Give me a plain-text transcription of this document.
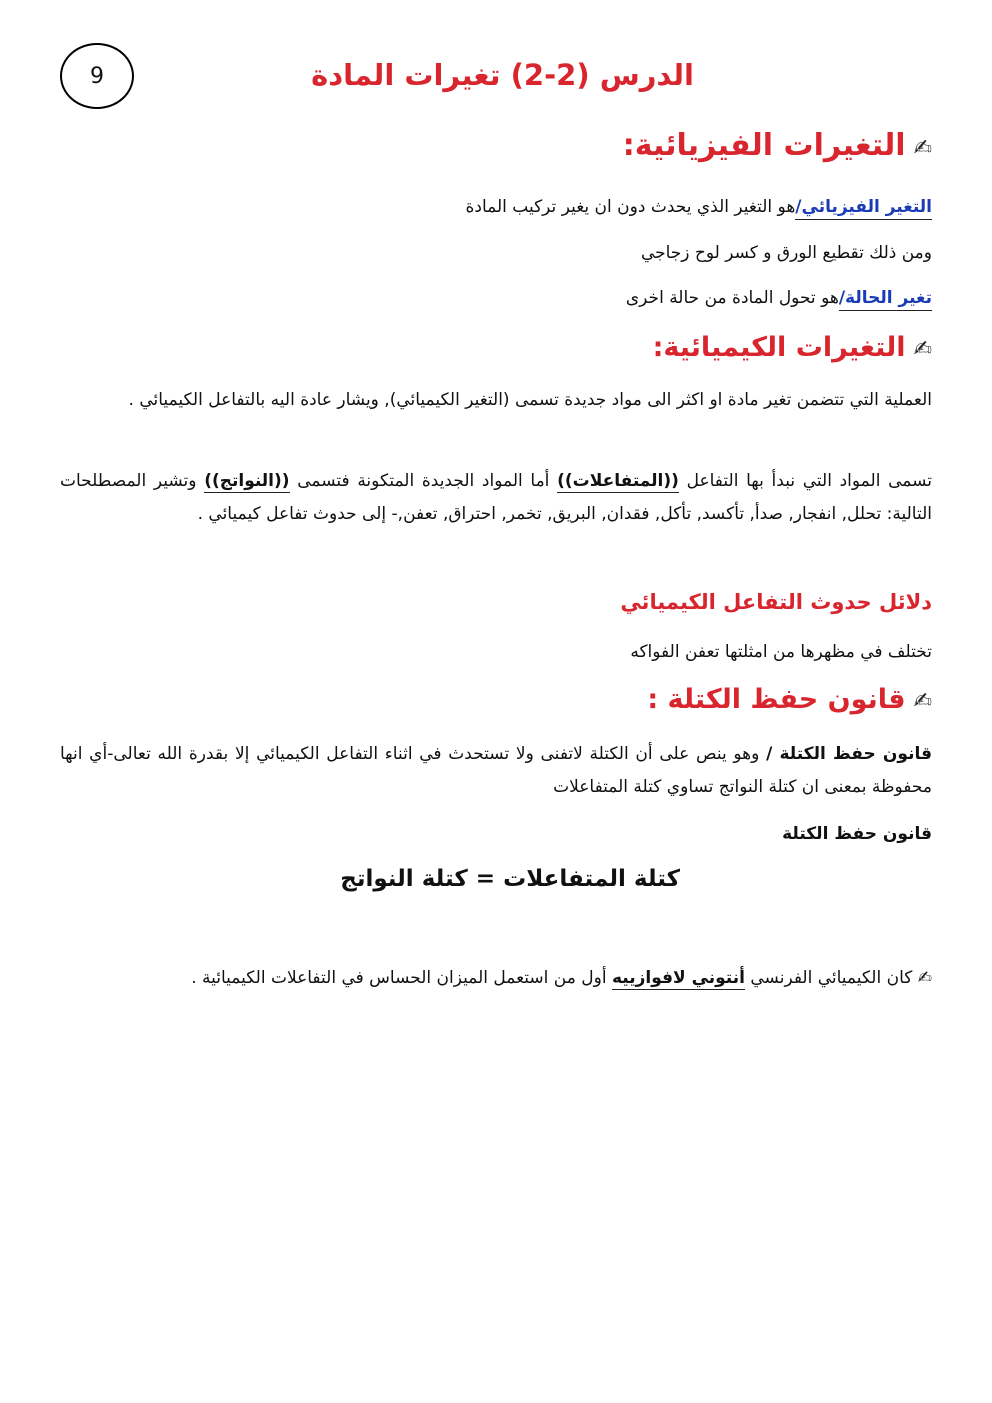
9	الدرس (2-2) تغيرات المادة
✍التغيرات الفيزيائية:

التغير الفيزيائي/هو التغير الذي يحدث دون ان يغير تركيب المادة

ومن ذلك تقطيع الورق و كسر لوح زجاجي

تغير الحالة/هو تحول المادة من حالة اخرى

✍التغيرات الكيميائية:

العملية التي تتضمن تغير مادة او اكثر الى مواد جديدة تسمى (التغير الكيميائي), ويشار عادة اليه بالتفاعل الكيميائي .

تسمى المواد التي نبدأ بها التفاعل ((المتفاعلات)) أما المواد الجديدة المتكونة فتسمى ((النواتج)) وتشير المصطلحات التالية: تحلل, انفجار, صدأ, تأكسد, تأكل, فقدان, البريق, تخمر, احتراق, تعفن,- إلى حدوث تفاعل كيميائي .

دلائل حدوث التفاعل الكيميائي

تختلف في مظهرها من امثلتها تعفن الفواكه

✍قانون حفظ الكتلة :

قانون حفظ الكتلة / وهو ينص على أن الكتلة لاتفنى ولا تستحدث في اثناء التفاعل الكيميائي إلا بقدرة الله تعالى-أي انها محفوظة بمعنى ان كتلة النواتج تساوي كتلة المتفاعلات

قانون حفظ الكتلة

✍ كان الكيميائي الفرنسي أنتوني لافوازييه أول من استعمل الميزان الحساس في التفاعلات الكيميائية .

كتلة المتفاعلات = كتلة النواتج
